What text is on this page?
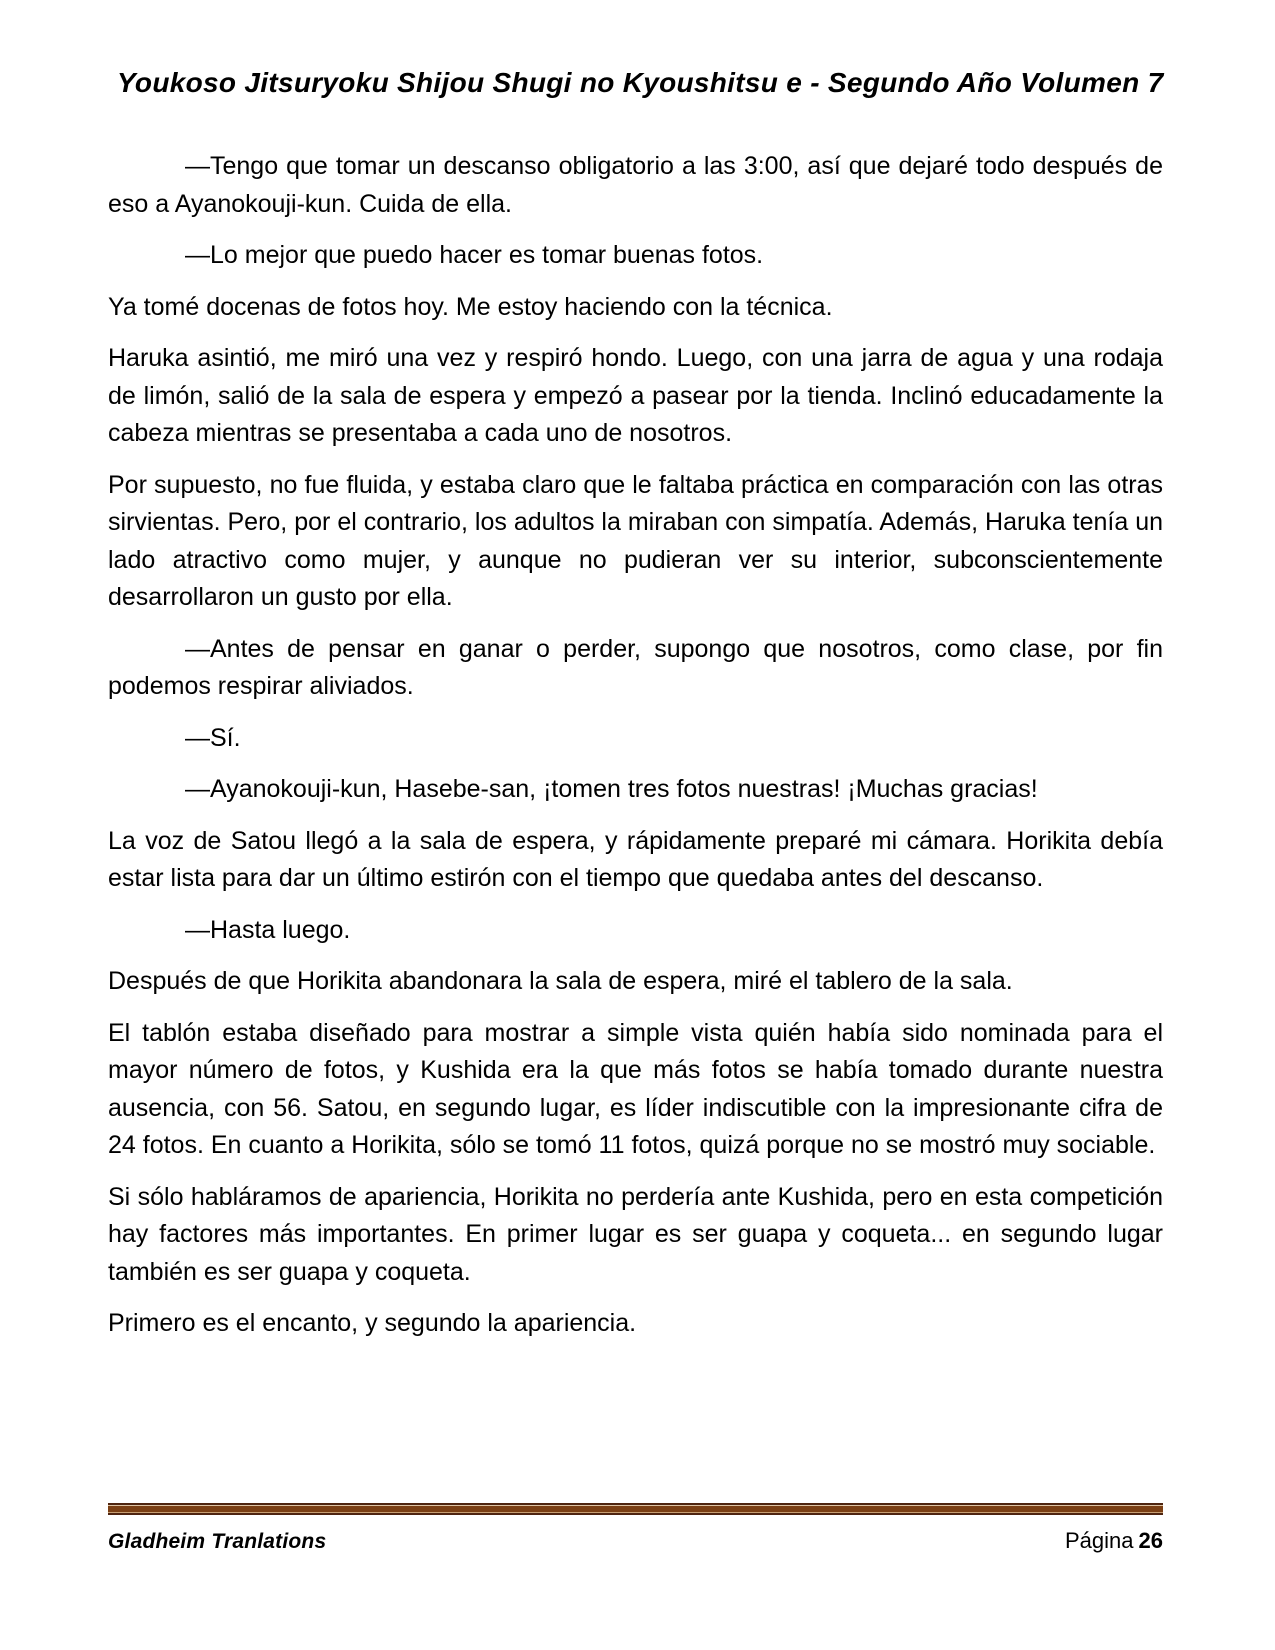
Youkoso Jitsuryoku Shijou Shugi no Kyoushitsu e - Segundo Año Volumen 7

—Tengo que tomar un descanso obligatorio a las 3:00, así que dejaré todo después de eso a Ayanokouji-kun. Cuida de ella.

—Lo mejor que puedo hacer es tomar buenas fotos.

Ya tomé docenas de fotos hoy. Me estoy haciendo con la técnica.

Haruka asintió, me miró una vez y respiró hondo. Luego, con una jarra de agua y una rodaja de limón, salió de la sala de espera y empezó a pasear por la tienda. Inclinó educadamente la cabeza mientras se presentaba a cada uno de nosotros.

Por supuesto, no fue fluida, y estaba claro que le faltaba práctica en comparación con las otras sirvientas. Pero, por el contrario, los adultos la miraban con simpatía. Además, Haruka tenía un lado atractivo como mujer, y aunque no pudieran ver su interior, subconscientemente desarrollaron un gusto por ella.

—Antes de pensar en ganar o perder, supongo que nosotros, como clase, por fin podemos respirar aliviados.

—Sí.

—Ayanokouji-kun, Hasebe-san, ¡tomen tres fotos nuestras! ¡Muchas gracias!

La voz de Satou llegó a la sala de espera, y rápidamente preparé mi cámara. Horikita debía estar lista para dar un último estirón con el tiempo que quedaba antes del descanso.

—Hasta luego.

Después de que Horikita abandonara la sala de espera, miré el tablero de la sala.

El tablón estaba diseñado para mostrar a simple vista quién había sido nominada para el mayor número de fotos, y Kushida era la que más fotos se había tomado durante nuestra ausencia, con 56. Satou, en segundo lugar, es líder indiscutible con la impresionante cifra de 24 fotos. En cuanto a Horikita, sólo se tomó 11 fotos, quizá porque no se mostró muy sociable.

Si sólo habláramos de apariencia, Horikita no perdería ante Kushida, pero en esta competición hay factores más importantes. En primer lugar es ser guapa y coqueta... en segundo lugar también es ser guapa y coqueta.

Primero es el encanto, y segundo la apariencia.

Gladheim Tranlations	Página 26
